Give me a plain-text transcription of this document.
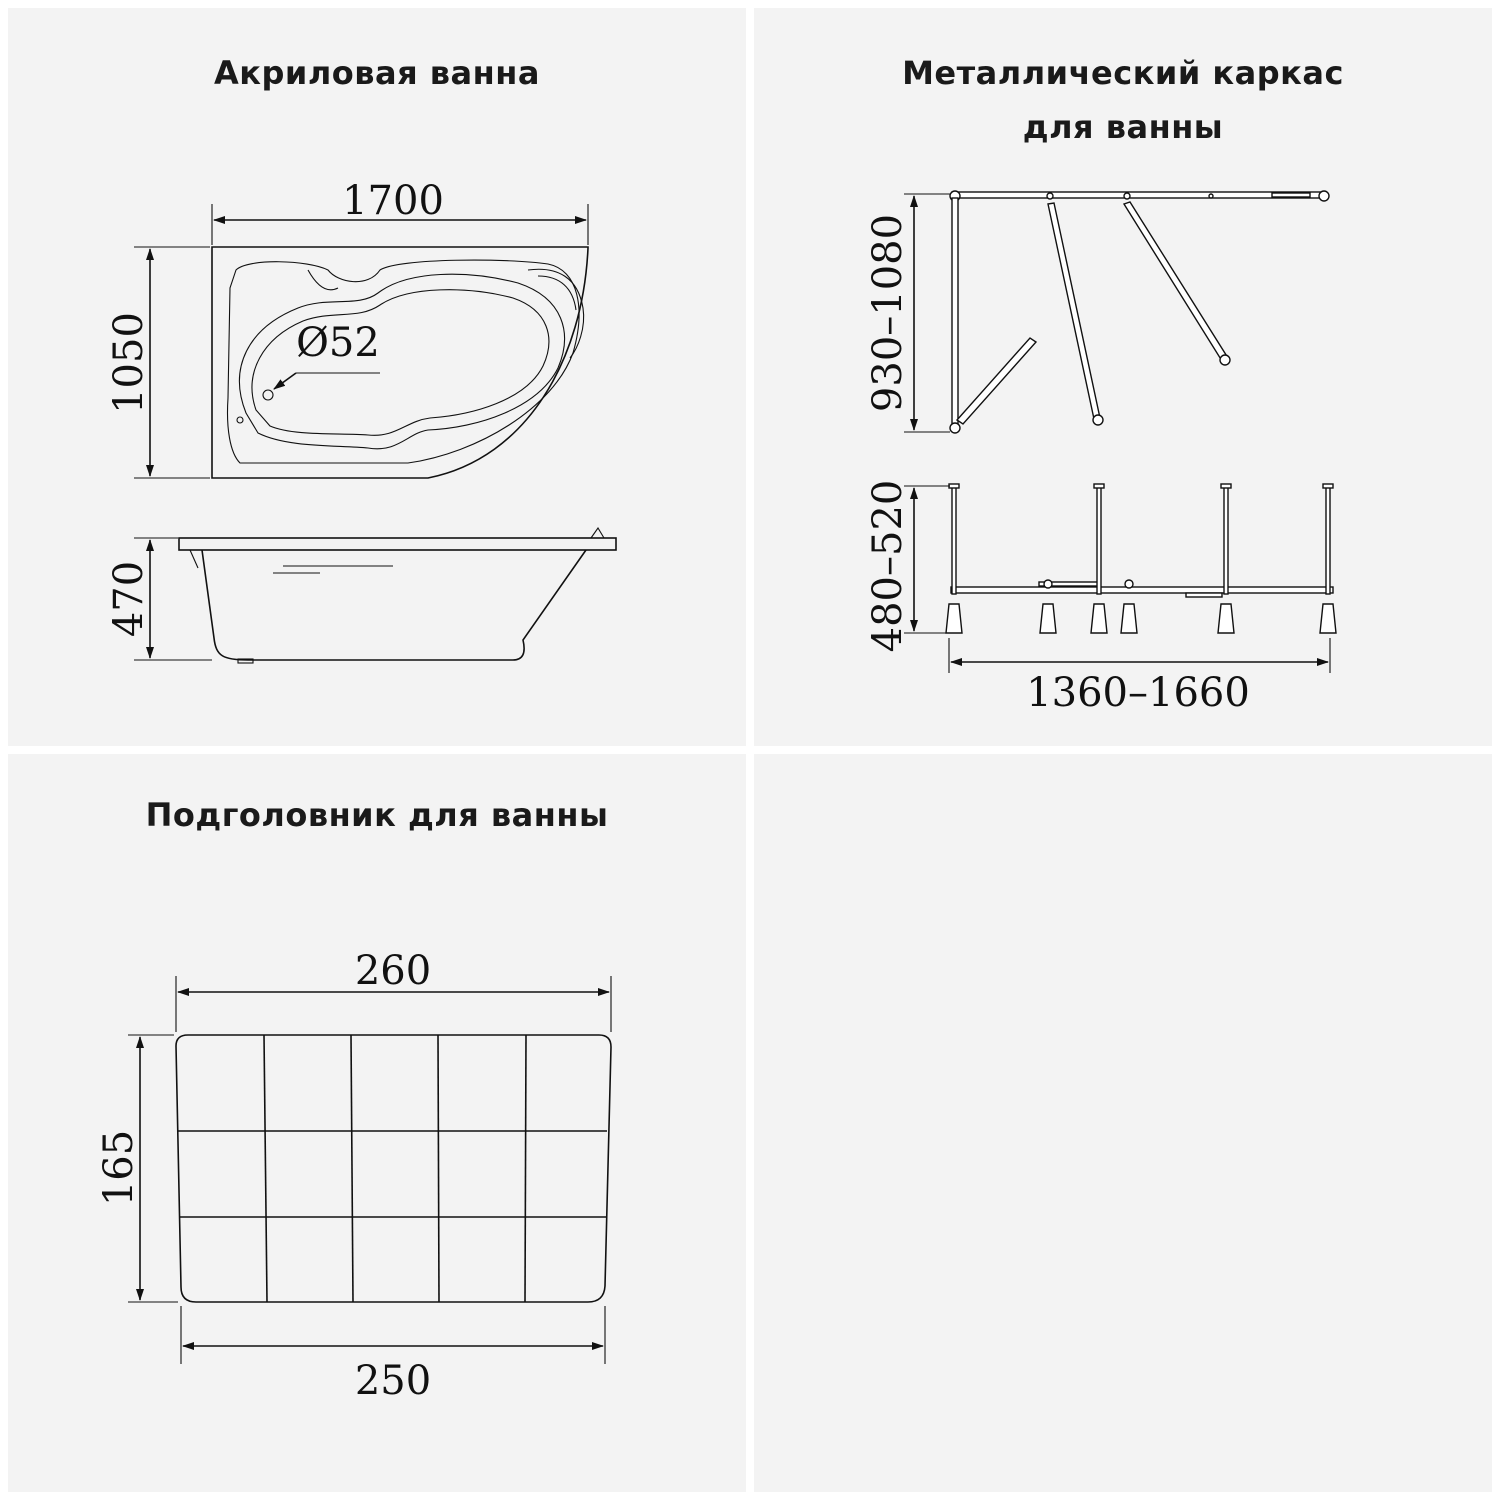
Акриловая ванна
Ø52
1700
1050
470
Металлический каркас
для ванны
930–1080
480–520
1360–1660
Подголовник для ванны
260
165
250
